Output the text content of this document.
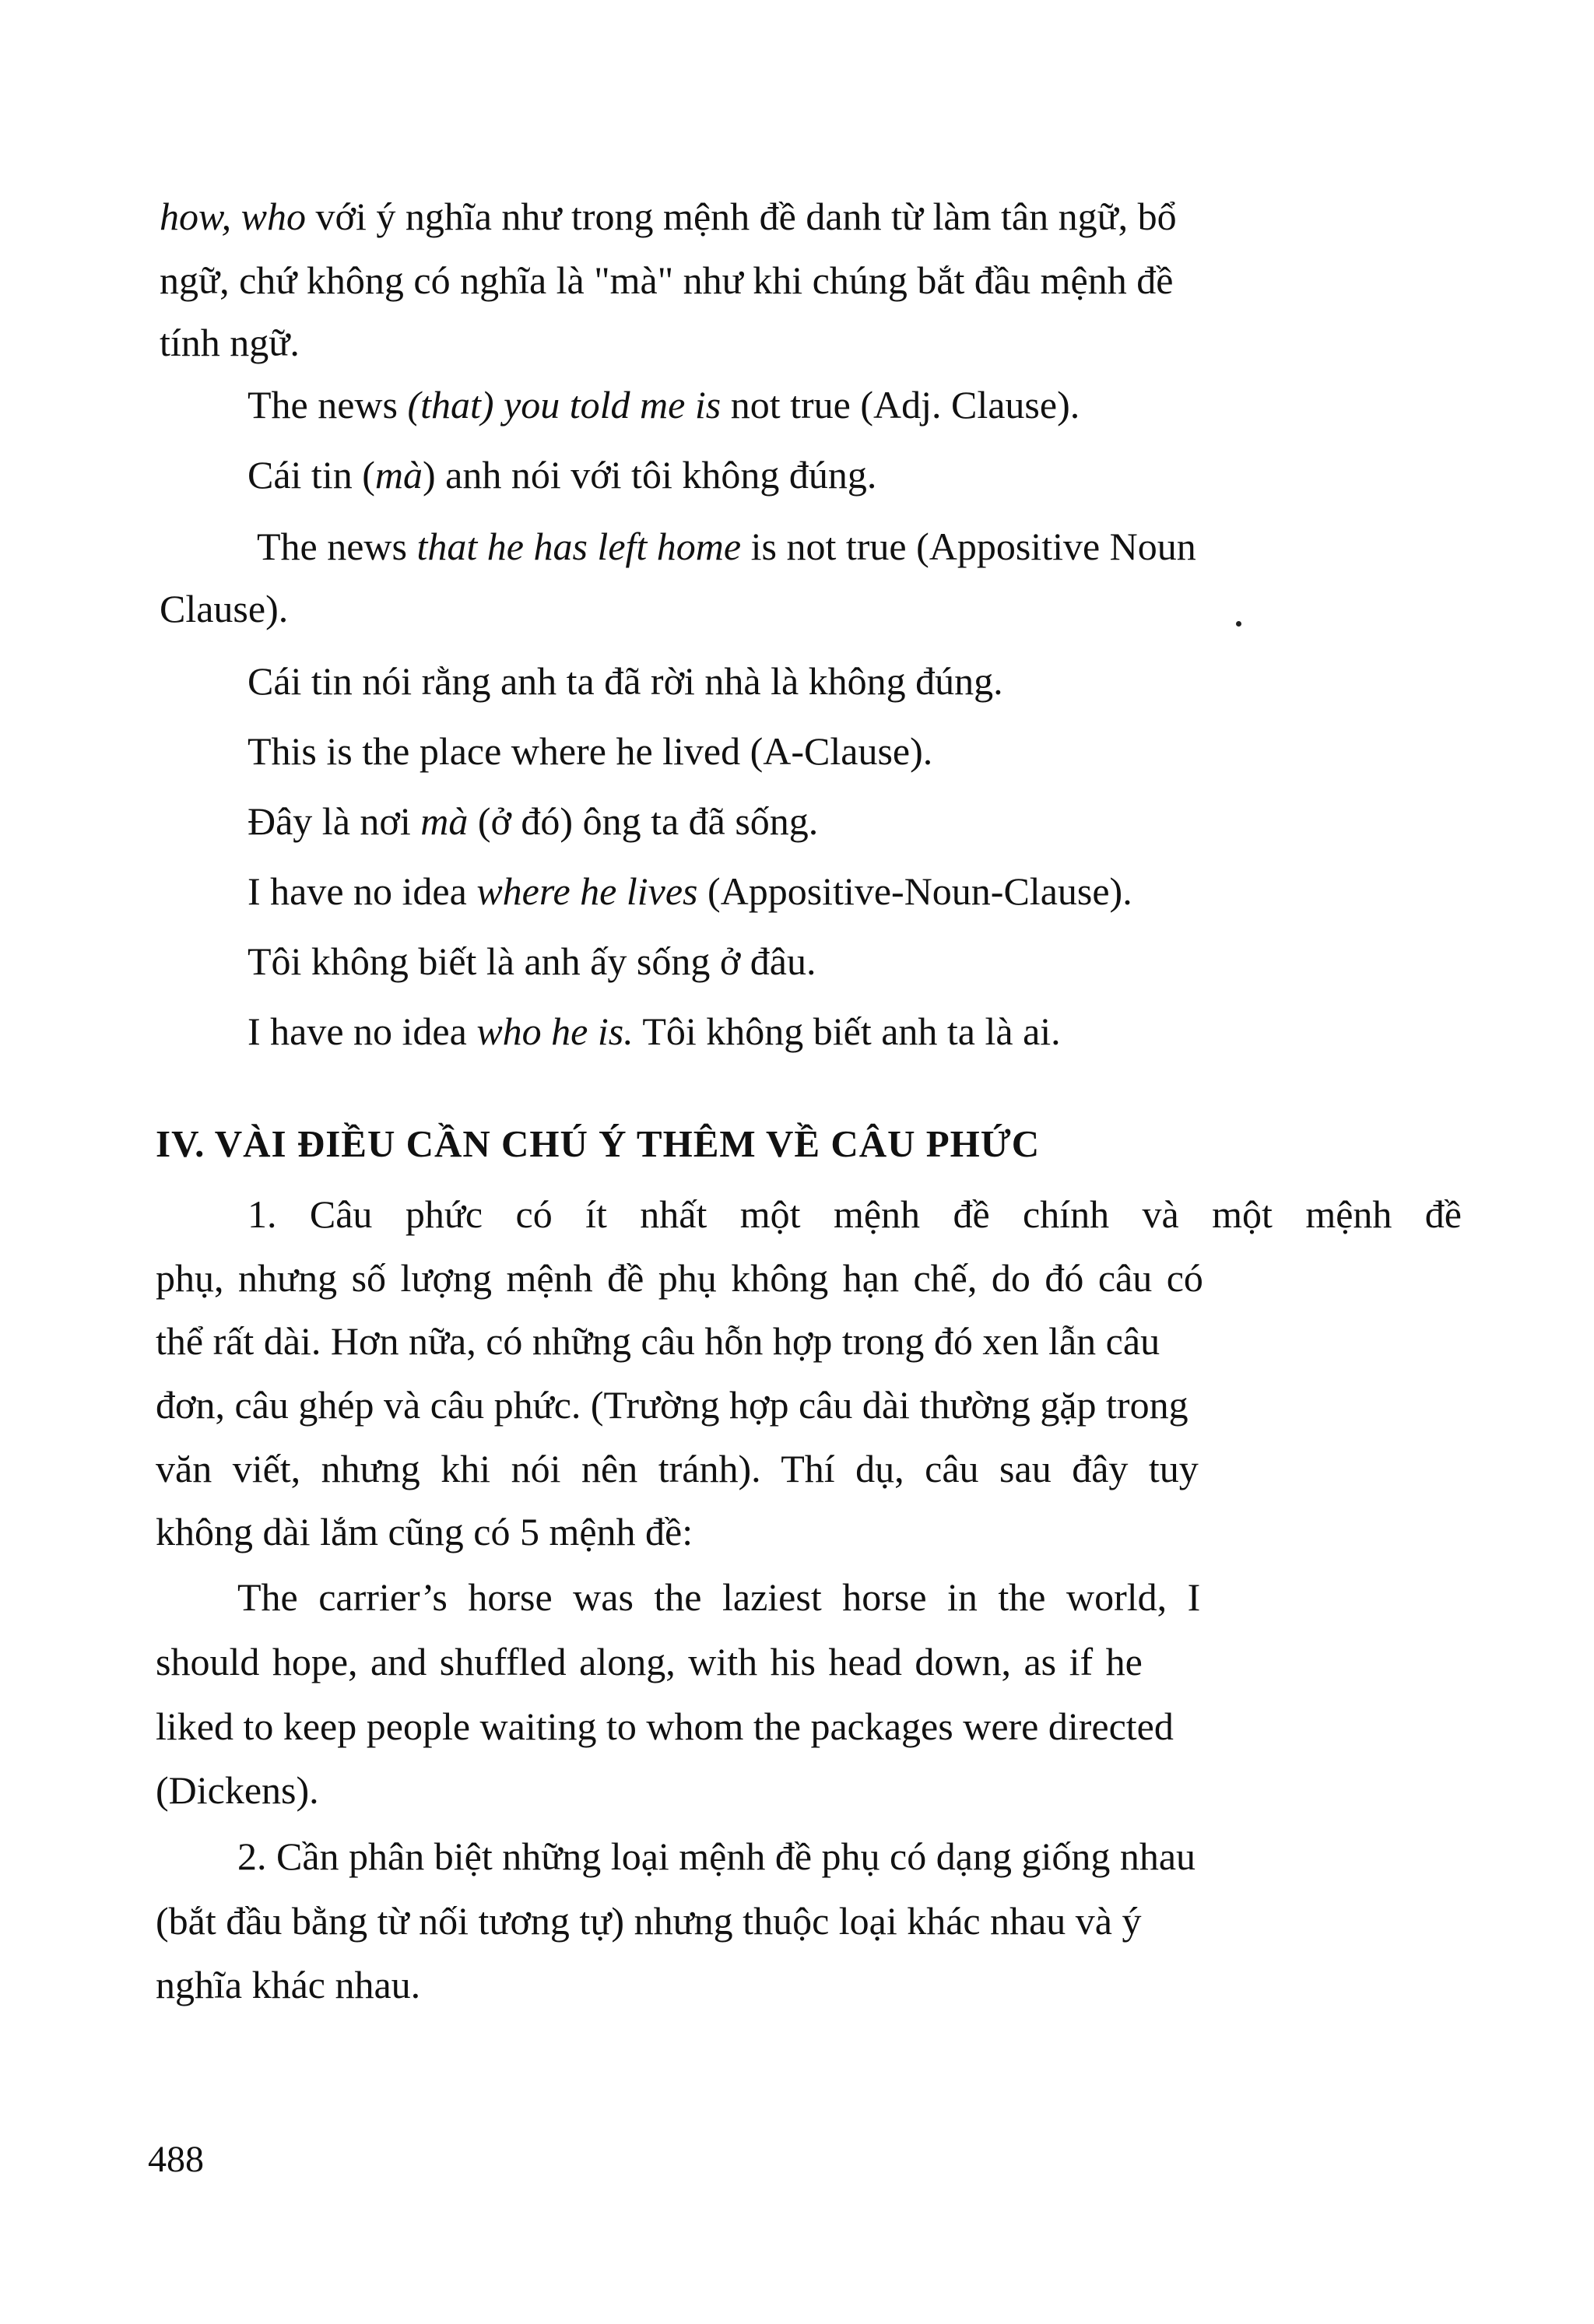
how, who với ý nghĩa như trong mệnh đề danh từ làm tân ngữ, bổ
ngữ, chứ không có nghĩa là "mà" như khi chúng bắt đầu mệnh đề
tính ngữ.
The news (that) you told me is not true (Adj. Clause).
Cái tin (mà) anh nói với tôi không đúng.
The news that he has left home is not true (Appositive Noun
Clause).
Cái tin nói rằng anh ta đã rời nhà là không đúng.
This is the place where he lived (A-Clause).
Đây là nơi mà (ở đó) ông ta đã sống.
I have no idea where he lives (Appositive-Noun-Clause).
Tôi không biết là anh ấy sống ở đâu.
I have no idea who he is. Tôi không biết anh ta là ai.
IV. VÀI ĐIỀU CẦN CHÚ Ý THÊM VỀ CÂU PHỨC
1. Câu phức có ít nhất một mệnh đề chính và một mệnh đề
phụ, nhưng số lượng mệnh đề phụ không hạn chế, do đó câu có
thể rất dài. Hơn nữa, có những câu hỗn hợp trong đó xen lẫn câu
đơn, câu ghép và câu phức. (Trường hợp câu dài thường gặp trong
văn viết, nhưng khi nói nên tránh). Thí dụ, câu sau đây tuy
không dài lắm cũng có 5 mệnh đề:
The carrier’s horse was the laziest horse in the world, I
should hope, and shuffled along, with his head down, as if he
liked to keep people waiting to whom the packages were directed
(Dickens).
2. Cần phân biệt những loại mệnh đề phụ có dạng giống nhau
(bắt đầu bằng từ nối tương tự) nhưng thuộc loại khác nhau và ý
nghĩa khác nhau.
488
